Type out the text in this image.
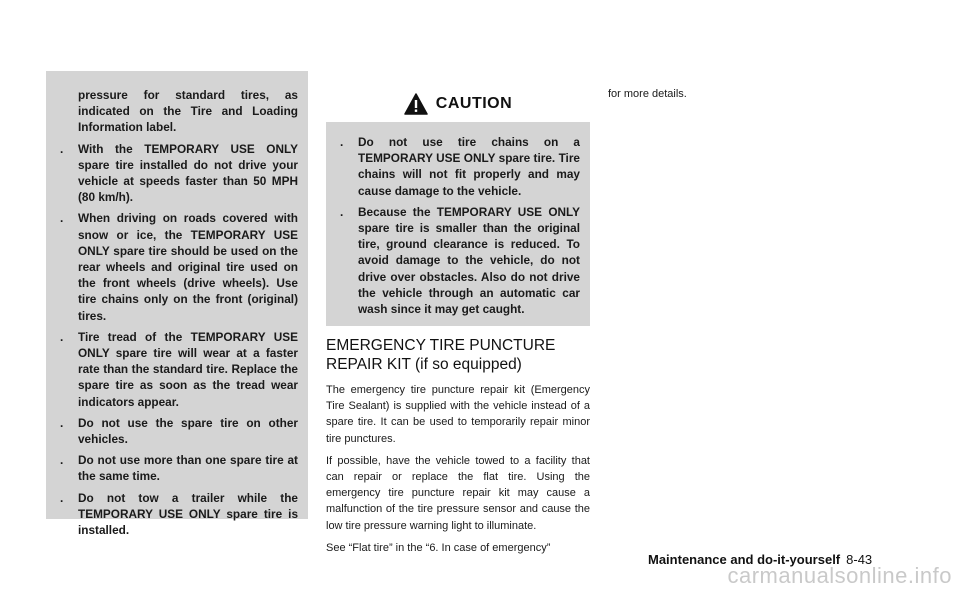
pressure for standard tires, as indicated on the Tire and Loading Information label.
. With the TEMPORARY USE ONLY spare tire installed do not drive your vehicle at speeds faster than 50 MPH (80 km/h).
. When driving on roads covered with snow or ice, the TEMPORARY USE ONLY spare tire should be used on the rear wheels and original tire used on the front wheels (drive wheels). Use tire chains only on the front (original) tires.
. Tire tread of the TEMPORARY USE ONLY spare tire will wear at a faster rate than the standard tire. Replace the spare tire as soon as the tread wear indicators appear.
. Do not use the spare tire on other vehicles.
. Do not use more than one spare tire at the same time.
. Do not tow a trailer while the TEMPORARY USE ONLY spare tire is installed.
CAUTION
. Do not use tire chains on a TEMPORARY USE ONLY spare tire. Tire chains will not fit properly and may cause damage to the vehicle.
. Because the TEMPORARY USE ONLY spare tire is smaller than the original tire, ground clearance is reduced. To avoid damage to the vehicle, do not drive over obstacles. Also do not drive the vehicle through an automatic car wash since it may get caught.
EMERGENCY TIRE PUNCTURE REPAIR KIT (if so equipped)

The emergency tire puncture repair kit (Emergency Tire Sealant) is supplied with the vehicle instead of a spare tire. It can be used to temporarily repair minor tire punctures.

If possible, have the vehicle towed to a facility that can repair or replace the flat tire. Using the emergency tire puncture repair kit may cause a malfunction of the tire pressure sensor and cause the low tire pressure warning light to illuminate.

See “Flat tire” in the “6. In case of emergency”

for more details.

Maintenance and do-it-yourself 8-43
carmanualsonline.info
